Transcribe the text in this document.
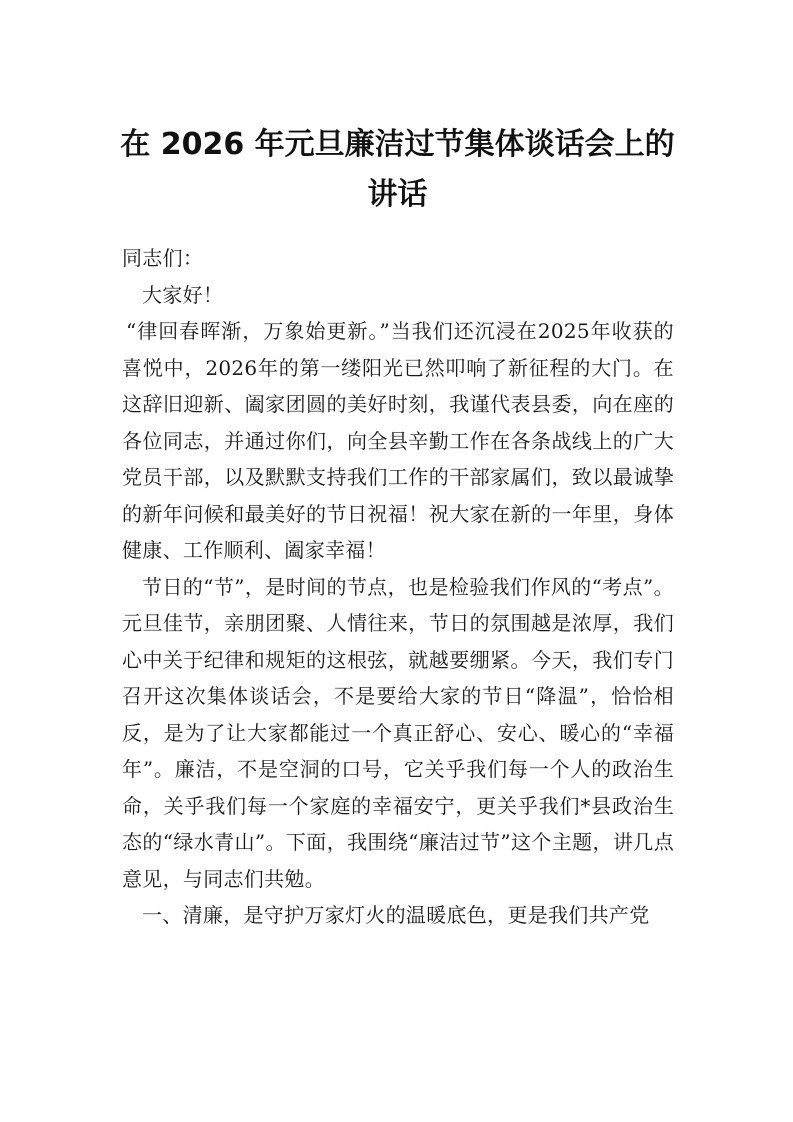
在 2026 年元旦廉洁过节集体谈话会上的讲话

同志们：

大家好！

“律回春晖渐，万象始更新。”当我们还沉浸在2025年收获的喜悦中，2026年的第一缕阳光已然叩响了新征程的大门。在这辞旧迎新、阖家团圆的美好时刻，我谨代表县委，向在座的各位同志，并通过你们，向全县辛勤工作在各条战线上的广大党员干部，以及默默支持我们工作的干部家属们，致以最诚挚的新年问候和最美好的节日祝福！祝大家在新的一年里，身体健康、工作顺利、阖家幸福！

节日的“节”，是时间的节点，也是检验我们作风的“考点”。元旦佳节，亲朋团聚、人情往来，节日的氛围越是浓厚，我们心中关于纪律和规矩的这根弦，就越要绷紧。今天，我们专门召开这次集体谈话会，不是要给大家的节日“降温”，恰恰相反，是为了让大家都能过一个真正舒心、安心、暖心的“幸福年”。廉洁，不是空洞的口号，它关乎我们每一个人的政治生命，关乎我们每一个家庭的幸福安宁，更关乎我们*县政治生态的“绿水青山”。下面，我围绕“廉洁过节”这个主题，讲几点意见，与同志们共勉。

一、清廉，是守护万家灯火的温暖底色，更是我们共产党
